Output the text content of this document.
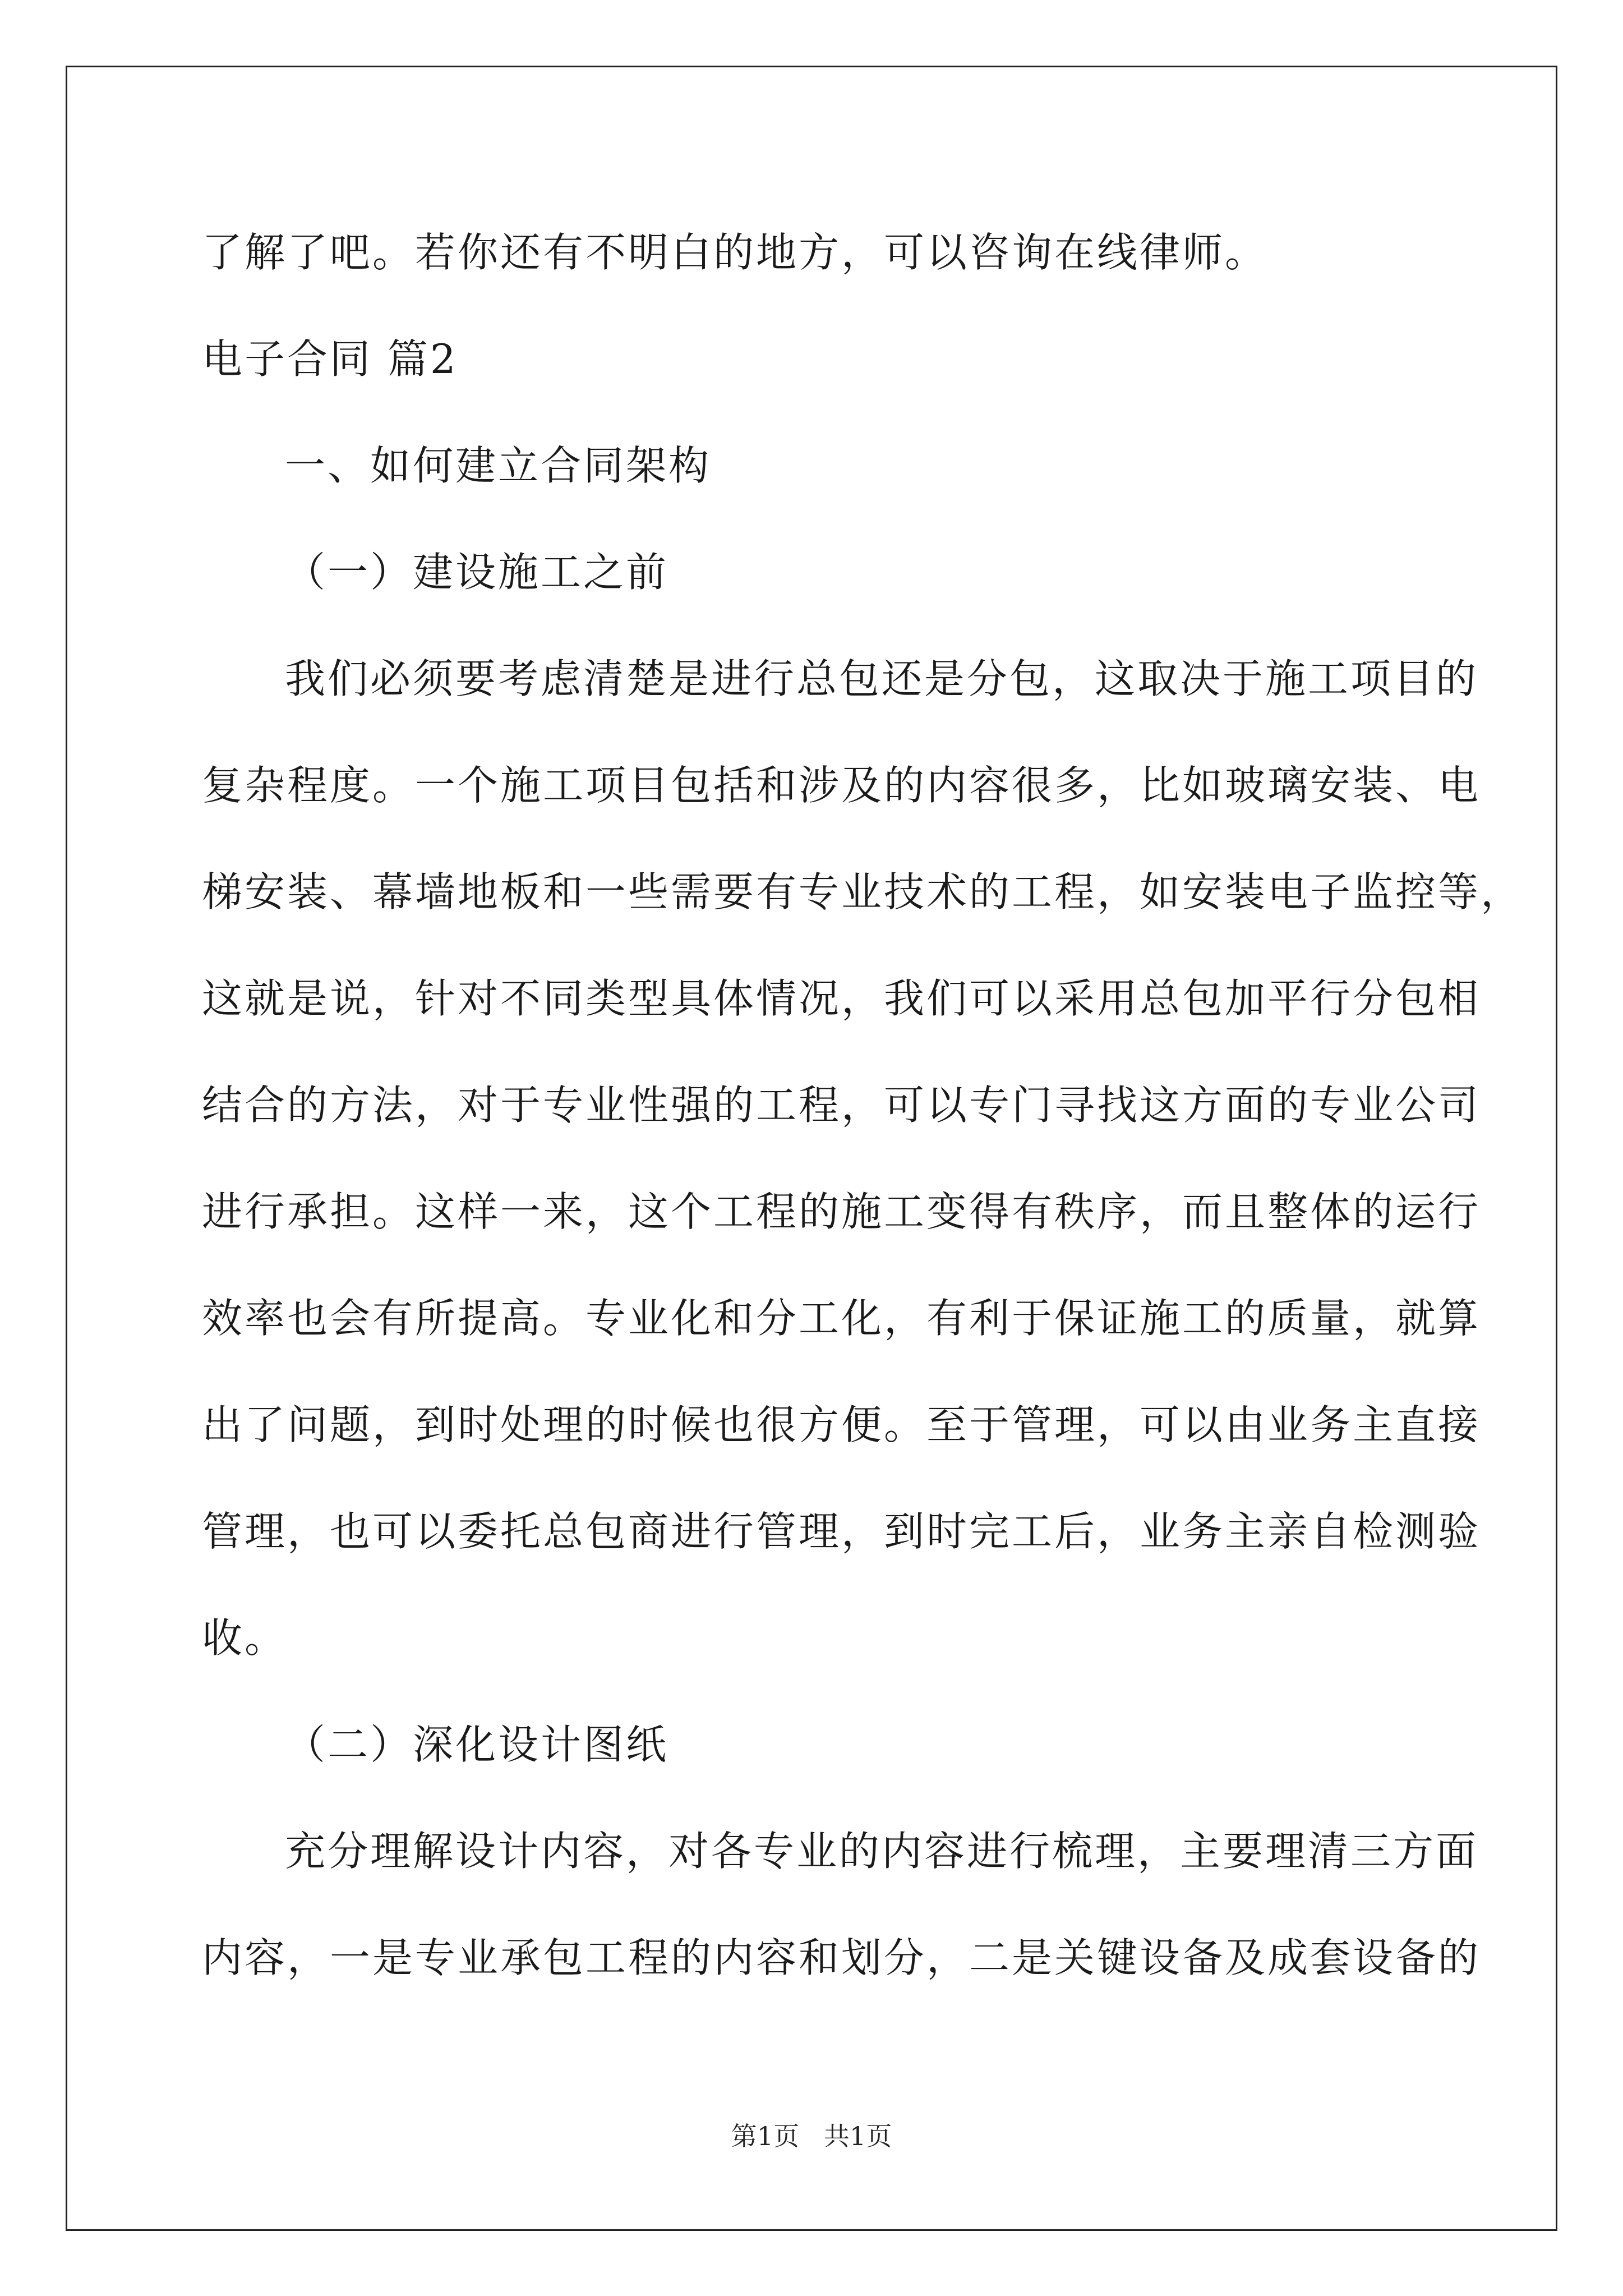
了解了吧。若你还有不明白的地方，可以咨询在线律师。
电子合同 篇2
一、如何建立合同架构
（一）建设施工之前
我们必须要考虑清楚是进行总包还是分包，这取决于施工项目的
复杂程度。一个施工项目包括和涉及的内容很多，比如玻璃安装、电
梯安装、幕墙地板和一些需要有专业技术的工程，如安装电子监控等，
这就是说，针对不同类型具体情况，我们可以采用总包加平行分包相
结合的方法，对于专业性强的工程，可以专门寻找这方面的专业公司
进行承担。这样一来，这个工程的施工变得有秩序，而且整体的运行
效率也会有所提高。专业化和分工化，有利于保证施工的质量，就算
出了问题，到时处理的时候也很方便。至于管理，可以由业务主直接
管理，也可以委托总包商进行管理，到时完工后，业务主亲自检测验
收。
（二）深化设计图纸
充分理解设计内容，对各专业的内容进行梳理，主要理清三方面
内容，一是专业承包工程的内容和划分，二是关键设备及成套设备的
第1页   共1页
